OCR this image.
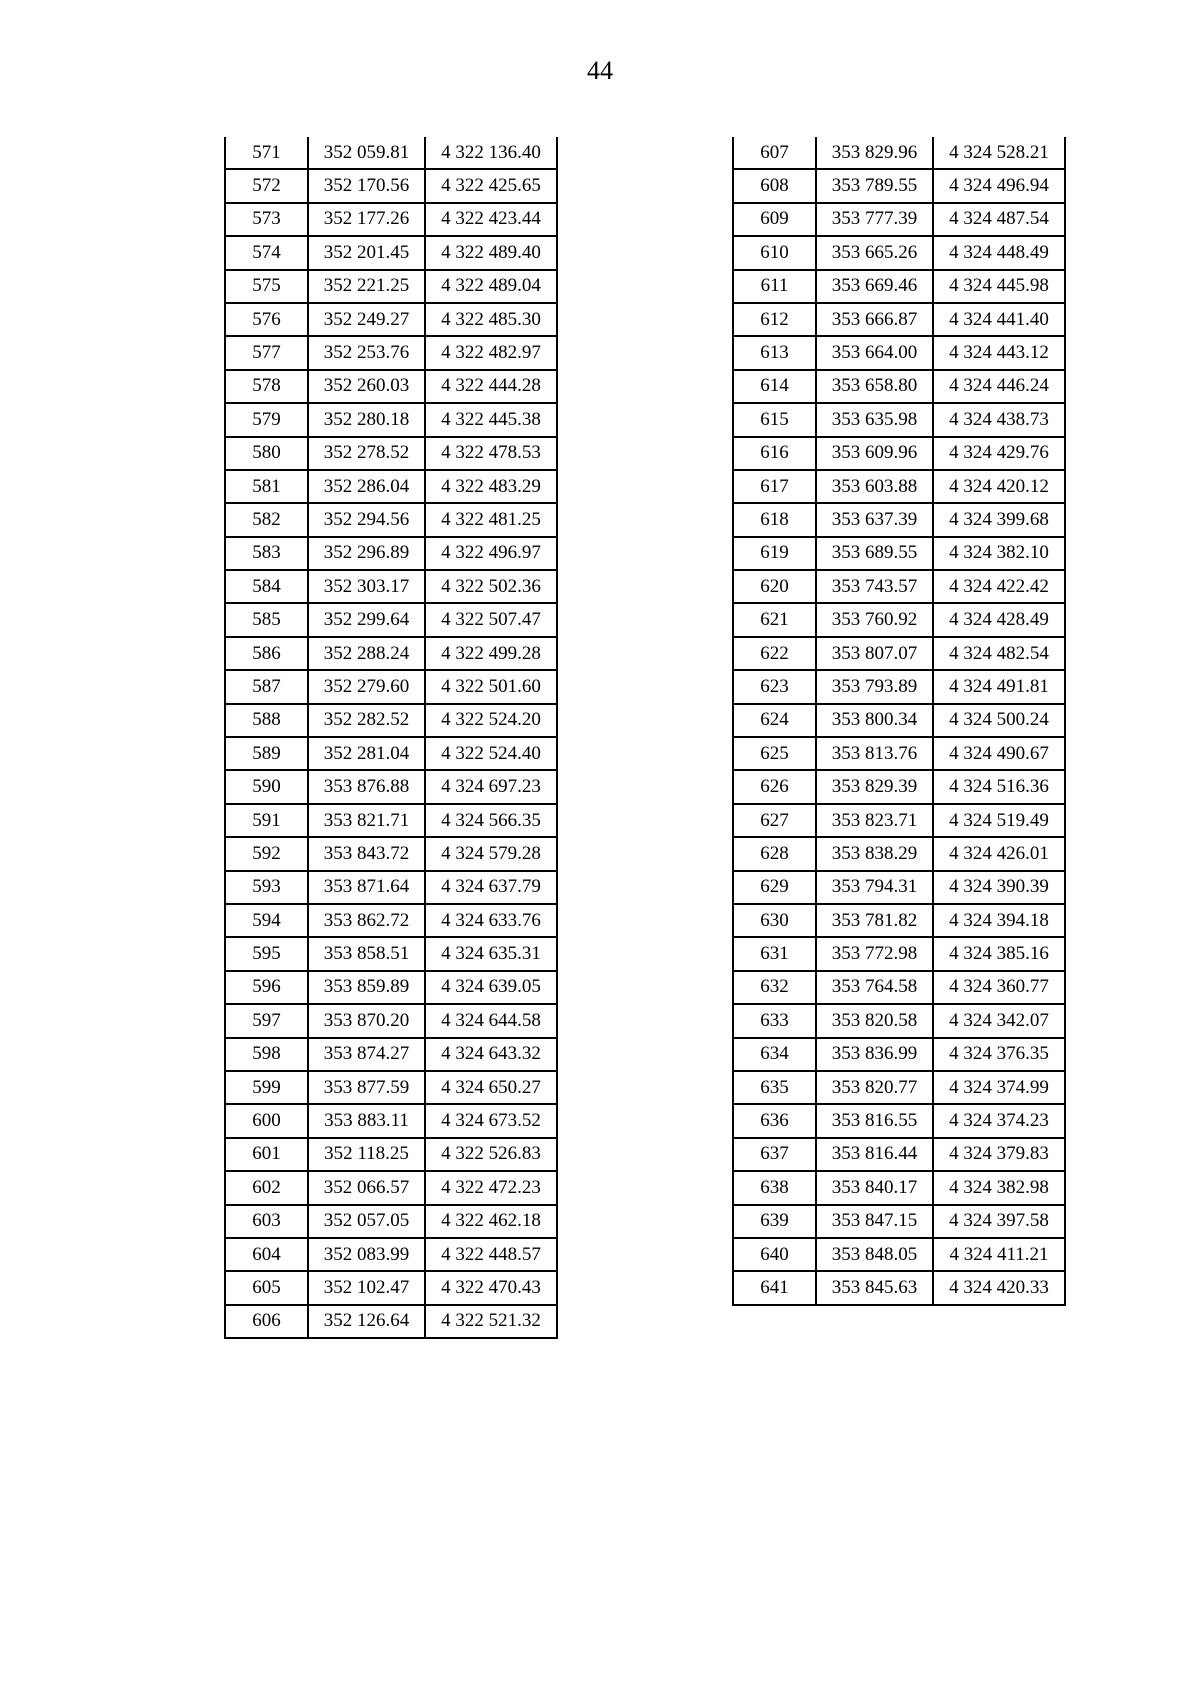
44
571	352 059.81	4 322 136.40
572	352 170.56	4 322 425.65
573	352 177.26	4 322 423.44
574	352 201.45	4 322 489.40
575	352 221.25	4 322 489.04
576	352 249.27	4 322 485.30
577	352 253.76	4 322 482.97
578	352 260.03	4 322 444.28
579	352 280.18	4 322 445.38
580	352 278.52	4 322 478.53
581	352 286.04	4 322 483.29
582	352 294.56	4 322 481.25
583	352 296.89	4 322 496.97
584	352 303.17	4 322 502.36
585	352 299.64	4 322 507.47
586	352 288.24	4 322 499.28
587	352 279.60	4 322 501.60
588	352 282.52	4 322 524.20
589	352 281.04	4 322 524.40
590	353 876.88	4 324 697.23
591	353 821.71	4 324 566.35
592	353 843.72	4 324 579.28
593	353 871.64	4 324 637.79
594	353 862.72	4 324 633.76
595	353 858.51	4 324 635.31
596	353 859.89	4 324 639.05
597	353 870.20	4 324 644.58
598	353 874.27	4 324 643.32
599	353 877.59	4 324 650.27
600	353 883.11	4 324 673.52
601	352 118.25	4 322 526.83
602	352 066.57	4 322 472.23
603	352 057.05	4 322 462.18
604	352 083.99	4 322 448.57
605	352 102.47	4 322 470.43
606	352 126.64	4 322 521.32
607	353 829.96	4 324 528.21
608	353 789.55	4 324 496.94
609	353 777.39	4 324 487.54
610	353 665.26	4 324 448.49
611	353 669.46	4 324 445.98
612	353 666.87	4 324 441.40
613	353 664.00	4 324 443.12
614	353 658.80	4 324 446.24
615	353 635.98	4 324 438.73
616	353 609.96	4 324 429.76
617	353 603.88	4 324 420.12
618	353 637.39	4 324 399.68
619	353 689.55	4 324 382.10
620	353 743.57	4 324 422.42
621	353 760.92	4 324 428.49
622	353 807.07	4 324 482.54
623	353 793.89	4 324 491.81
624	353 800.34	4 324 500.24
625	353 813.76	4 324 490.67
626	353 829.39	4 324 516.36
627	353 823.71	4 324 519.49
628	353 838.29	4 324 426.01
629	353 794.31	4 324 390.39
630	353 781.82	4 324 394.18
631	353 772.98	4 324 385.16
632	353 764.58	4 324 360.77
633	353 820.58	4 324 342.07
634	353 836.99	4 324 376.35
635	353 820.77	4 324 374.99
636	353 816.55	4 324 374.23
637	353 816.44	4 324 379.83
638	353 840.17	4 324 382.98
639	353 847.15	4 324 397.58
640	353 848.05	4 324 411.21
641	353 845.63	4 324 420.33
